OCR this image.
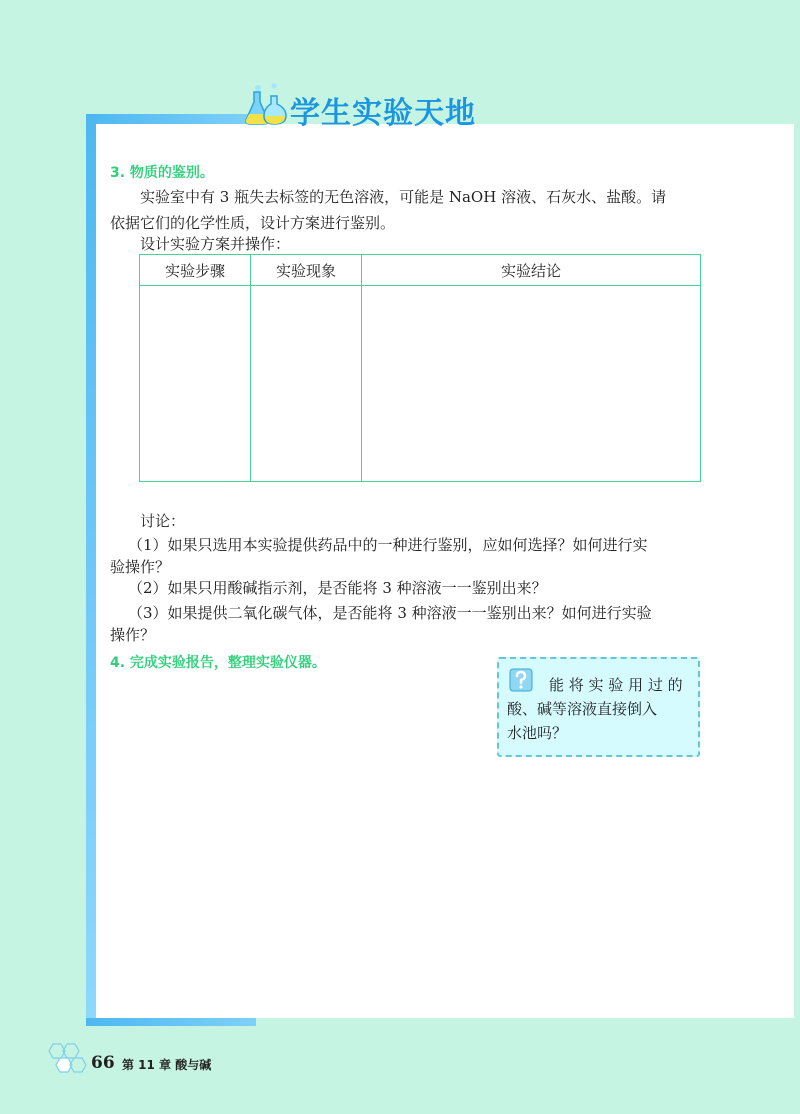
学生实验天地
3. 物质的鉴别。
实验室中有 3 瓶失去标签的无色溶液，可能是 NaOH 溶液、石灰水、盐酸。请
依据它们的化学性质，设计方案进行鉴别。
设计实验方案并操作：
实验步骤	实验现象	实验结论

讨论：
（1）如果只选用本实验提供药品中的一种进行鉴别，应如何选择？如何进行实
验操作？
（2）如果只用酸碱指示剂，是否能将 3 种溶液一一鉴别出来？
（3）如果提供二氧化碳气体，是否能将 3 种溶液一一鉴别出来？如何进行实验
操作？
4. 完成实验报告，整理实验仪器。
能 将 实 验 用 过 的
酸、碱等溶液直接倒入
水池吗？
66 第 11 章 酸与碱
